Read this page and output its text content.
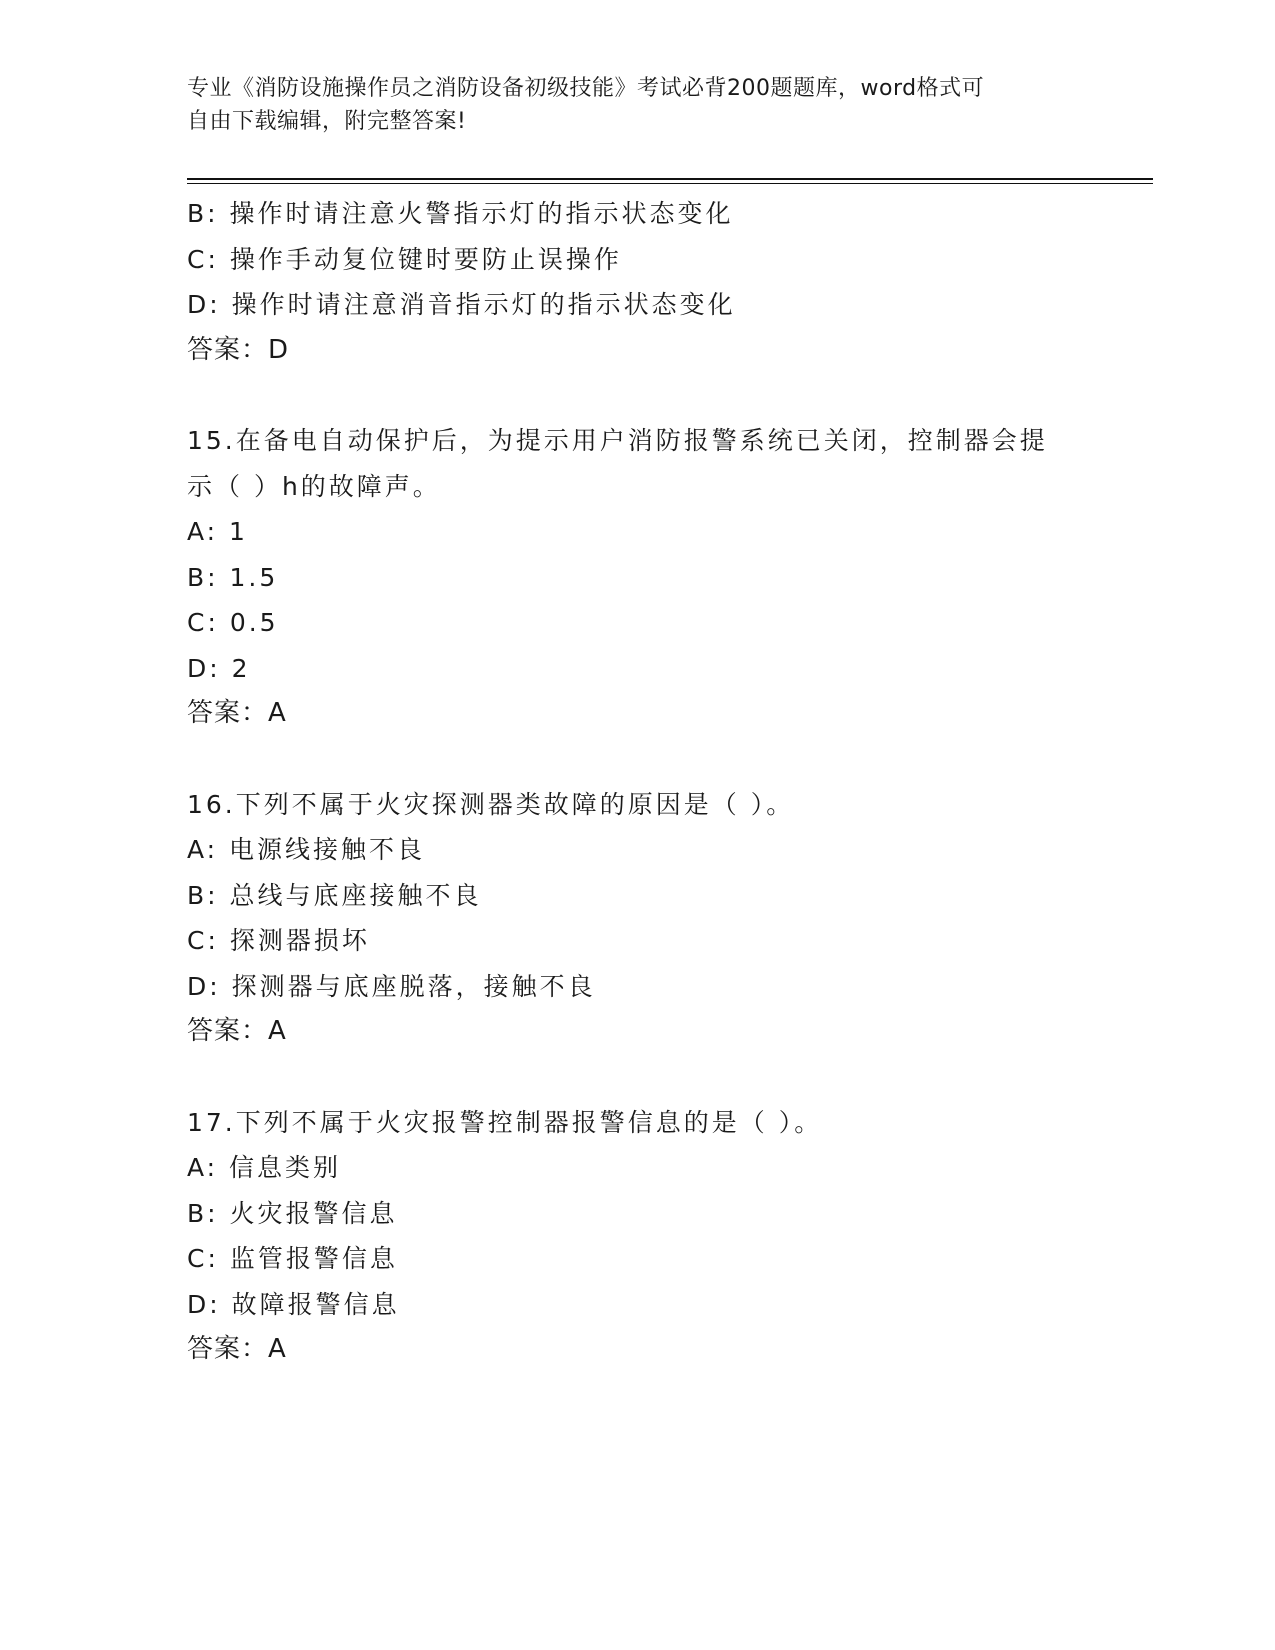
专业《消防设施操作员之消防设备初级技能》考试必背200题题库，word格式可
自由下载编辑，附完整答案!
B: 操作时请注意火警指示灯的指示状态变化
C: 操作手动复位键时要防止误操作
D: 操作时请注意消音指示灯的指示状态变化
答案：D
15.在备电自动保护后，为提示用户消防报警系统已关闭，控制器会提
示（ ）h的故障声。
A: 1
B: 1.5
C: 0.5
D: 2
答案：A
16.下列不属于火灾探测器类故障的原因是（ ）。
A: 电源线接触不良
B: 总线与底座接触不良
C: 探测器损坏
D: 探测器与底座脱落，接触不良
答案：A
17.下列不属于火灾报警控制器报警信息的是（ ）。
A: 信息类别
B: 火灾报警信息
C: 监管报警信息
D: 故障报警信息
答案：A
